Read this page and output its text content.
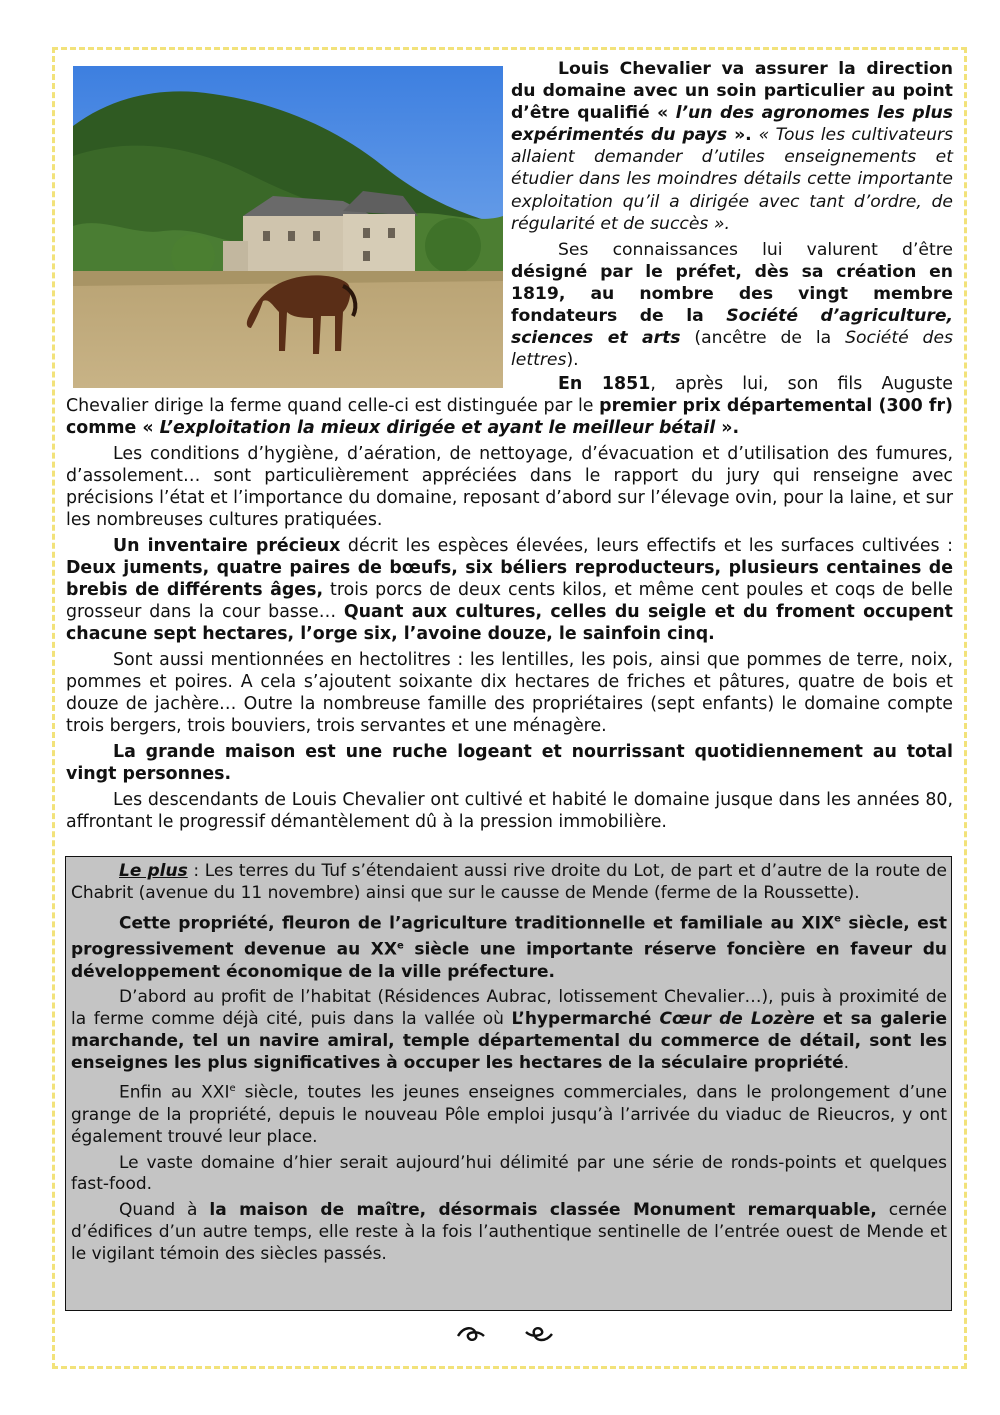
Louis Chevalier va assurer la direction du domaine avec un soin particulier au point d’être qualifié « l’un des agronomes les plus expérimentés du pays ». « Tous les cultivateurs allaient demander d’utiles enseignements et étudier dans les moindres détails cette importante exploitation qu’il a dirigée avec tant d’ordre, de régularité et de succès ».

Ses connaissances lui valurent d’être désigné par le préfet, dès sa création en 1819, au nombre des vingt membre fondateurs de la Société d’agriculture, sciences et arts (ancêtre de la Société des lettres).

En 1851, après lui, son fils Auguste Chevalier dirige la ferme quand celle-ci est distinguée par le premier prix départemental (300 fr) comme « L’exploitation la mieux dirigée et ayant le meilleur bétail ».

Les conditions d’hygiène, d’aération, de nettoyage, d’évacuation et d’utilisation des fumures, d’assolement… sont particulièrement appréciées dans le rapport du jury qui renseigne avec précisions l’état et l’importance du domaine, reposant d’abord sur l’élevage ovin, pour la laine, et sur les nombreuses cultures pratiquées.

Un inventaire précieux décrit les espèces élevées, leurs effectifs et les surfaces cultivées : Deux juments, quatre paires de bœufs, six béliers reproducteurs, plusieurs centaines de brebis de différents âges, trois porcs de deux cents kilos, et même cent poules et coqs de belle grosseur dans la cour basse… Quant aux cultures, celles du seigle et du froment occupent chacune sept hectares, l’orge six, l’avoine douze, le sainfoin cinq.

Sont aussi mentionnées en hectolitres : les lentilles, les pois, ainsi que pommes de terre, noix, pommes et poires. A cela s’ajoutent soixante dix hectares de friches et pâtures, quatre de bois et douze de jachère… Outre la nombreuse famille des propriétaires (sept enfants) le domaine compte trois bergers, trois bouviers, trois servantes et une ménagère.

La grande maison est une ruche logeant et nourrissant quotidiennement au total vingt personnes.

Les descendants de Louis Chevalier ont cultivé et habité le domaine jusque dans les années 80, affrontant le progressif démantèlement dû à la pression immobilière.

Le plus : Les terres du Tuf s’étendaient aussi rive droite du Lot, de part et d’autre de la route de Chabrit (avenue du 11 novembre) ainsi que sur le causse de Mende (ferme de la Roussette).

Cette propriété, fleuron de l’agriculture traditionnelle et familiale au XIXe siècle, est progressivement devenue au XXe siècle une importante réserve foncière en faveur du développement économique de la ville préfecture.

D’abord au profit de l’habitat (Résidences Aubrac, lotissement Chevalier…), puis à proximité de la ferme comme déjà cité, puis dans la vallée où L’hypermarché Cœur de Lozère et sa galerie marchande, tel un navire amiral, temple départemental du commerce de détail, sont les enseignes les plus significatives à occuper les hectares de la séculaire propriété.

Enfin au XXIe siècle, toutes les jeunes enseignes commerciales, dans le prolongement d’une grange de la propriété, depuis le nouveau Pôle emploi jusqu’à l’arrivée du viaduc de Rieucros, y ont également trouvé leur place.

Le vaste domaine d’hier serait aujourd’hui délimité par une série de ronds-points et quelques fast-food.

Quand à la maison de maître, désormais classée Monument remarquable, cernée d’édifices d’un autre temps, elle reste à la fois l’authentique sentinelle de l’entrée ouest de Mende et le vigilant témoin des siècles passés.
